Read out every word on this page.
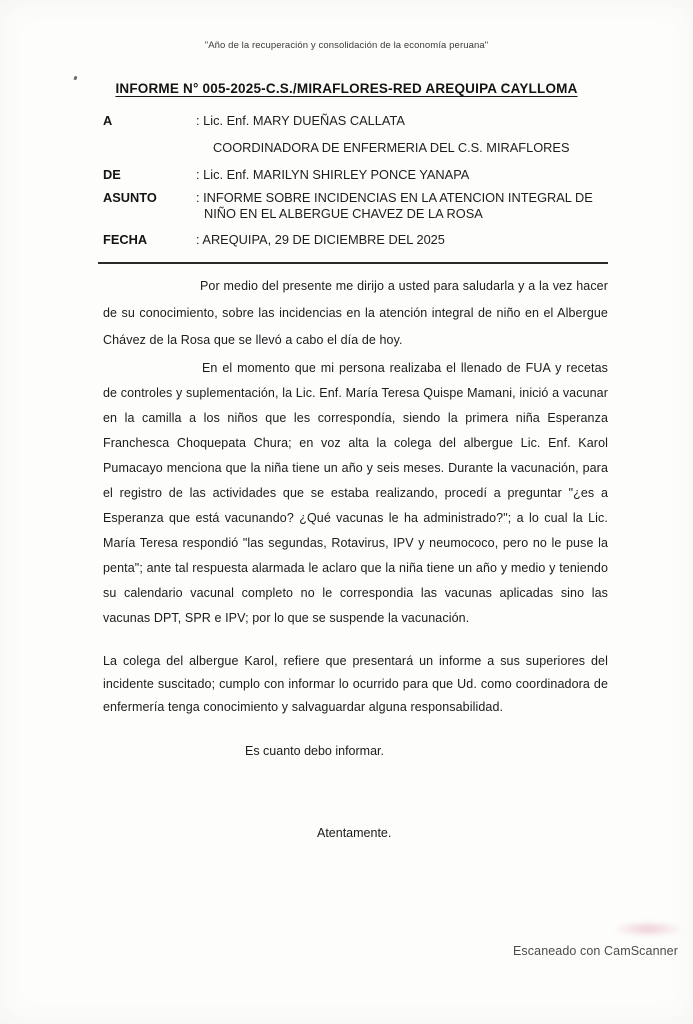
"Año de la recuperación y consolidación de la economía peruana"
INFORME N° 005-2025-C.S./MIRAFLORES-RED AREQUIPA CAYLLOMA
A	: Lic. Enf. MARY DUEÑAS CALLATA
COORDINADORA DE ENFERMERIA DEL C.S. MIRAFLORES
DE	: Lic. Enf. MARILYN SHIRLEY PONCE YANAPA
ASUNTO	: INFORME SOBRE INCIDENCIAS EN LA ATENCION INTEGRAL DE
NIÑO EN EL ALBERGUE CHAVEZ DE LA ROSA
FECHA	: AREQUIPA, 29 DE DICIEMBRE DEL 2025

Por medio del presente me dirijo a usted para saludarla y a la vez hacer de su conocimiento, sobre las incidencias en la atención integral de niño en el Albergue Chávez de la Rosa que se llevó a cabo el día de hoy.

En el momento que mi persona realizaba el llenado de FUA y recetas de controles y suplementación, la Lic. Enf. María Teresa Quispe Mamani, inició a vacunar en la camilla a los niños que les correspondía, siendo la primera niña Esperanza Franchesca Choquepata Chura; en voz alta la colega del albergue Lic. Enf. Karol Pumacayo menciona que la niña tiene un año y seis meses. Durante la vacunación, para el registro de las actividades que se estaba realizando, procedí a preguntar "¿es a Esperanza que está vacunando? ¿Qué vacunas le ha administrado?"; a lo cual la Lic. María Teresa respondió "las segundas, Rotavirus, IPV y neumococo, pero no le puse la penta"; ante tal respuesta alarmada le aclaro que la niña tiene un año y medio y teniendo su calendario vacunal completo no le correspondia las vacunas aplicadas sino las vacunas DPT, SPR e IPV; por lo que se suspende la vacunación.

La colega del albergue Karol, refiere que presentará un informe a sus superiores del incidente suscitado; cumplo con informar lo ocurrido para que Ud. como coordinadora de enfermería tenga conocimiento y salvaguardar alguna responsabilidad.

Es cuanto debo informar.
Atentamente.
Escaneado con CamScanner
